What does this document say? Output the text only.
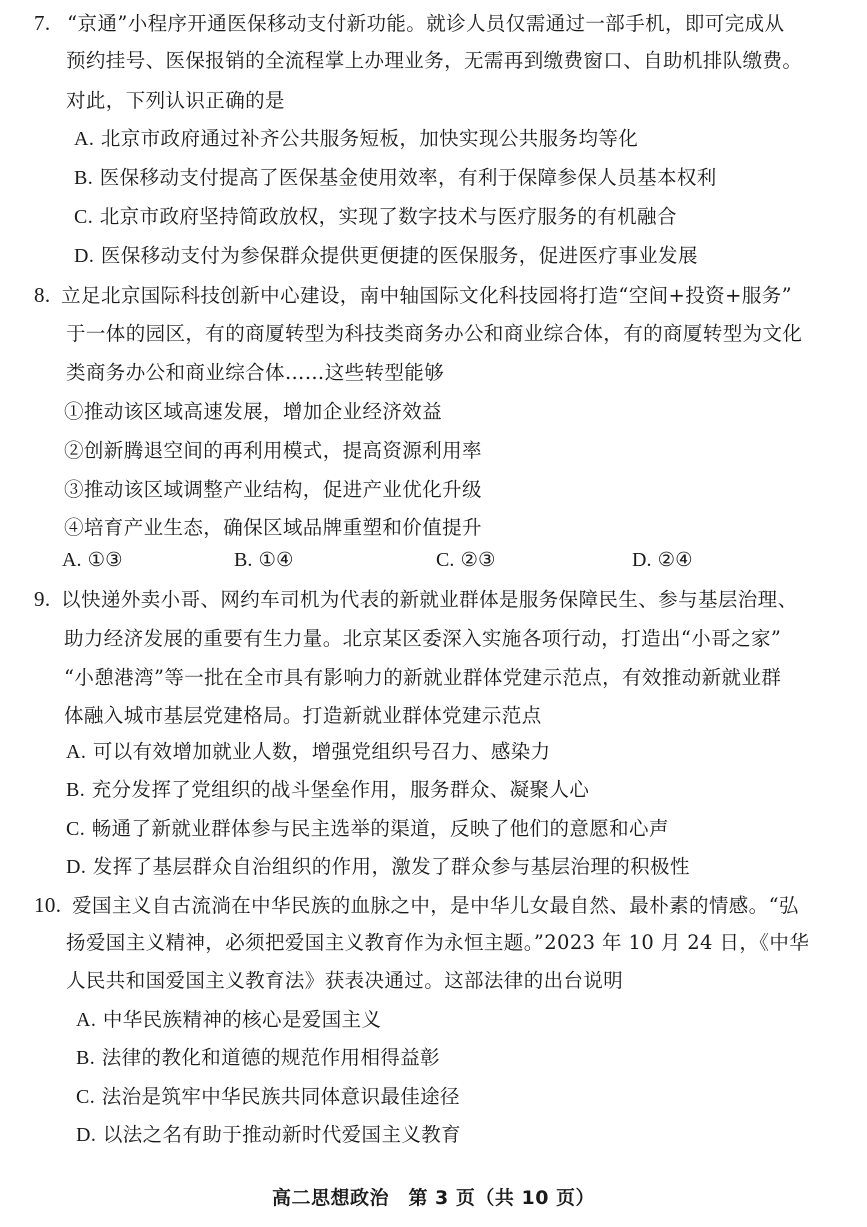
7. “京通”小程序开通医保移动支付新功能。就诊人员仅需通过一部手机，即可完成从
预约挂号、医保报销的全流程掌上办理业务，无需再到缴费窗口、自助机排队缴费。
对此，下列认识正确的是
A. 北京市政府通过补齐公共服务短板，加快实现公共服务均等化
B. 医保移动支付提高了医保基金使用效率，有利于保障参保人员基本权利
C. 北京市政府坚持简政放权，实现了数字技术与医疗服务的有机融合
D. 医保移动支付为参保群众提供更便捷的医保服务，促进医疗事业发展
8. 立足北京国际科技创新中心建设，南中轴国际文化科技园将打造“空间+投资+服务”
于一体的园区，有的商厦转型为科技类商务办公和商业综合体，有的商厦转型为文化
类商务办公和商业综合体……这些转型能够
①推动该区域高速发展，增加企业经济效益
②创新腾退空间的再利用模式，提高资源利用率
③推动该区域调整产业结构，促进产业优化升级
④培育产业生态，确保区域品牌重塑和价值提升
A. ①③	B. ①④	C. ②③	D. ②④
9. 以快递外卖小哥、网约车司机为代表的新就业群体是服务保障民生、参与基层治理、
助力经济发展的重要有生力量。北京某区委深入实施各项行动，打造出“小哥之家”
“小憩港湾”等一批在全市具有影响力的新就业群体党建示范点，有效推动新就业群
体融入城市基层党建格局。打造新就业群体党建示范点
A. 可以有效增加就业人数，增强党组织号召力、感染力
B. 充分发挥了党组织的战斗堡垒作用，服务群众、凝聚人心
C. 畅通了新就业群体参与民主选举的渠道，反映了他们的意愿和心声
D. 发挥了基层群众自治组织的作用，激发了群众参与基层治理的积极性
10. 爱国主义自古流淌在中华民族的血脉之中，是中华儿女最自然、最朴素的情感。“弘
扬爱国主义精神，必须把爱国主义教育作为永恒主题。”2023 年 10 月 24 日，《中华
人民共和国爱国主义教育法》获表决通过。这部法律的出台说明
A. 中华民族精神的核心是爱国主义
B. 法律的教化和道德的规范作用相得益彰
C. 法治是筑牢中华民族共同体意识最佳途径
D. 以法之名有助于推动新时代爱国主义教育
高二思想政治　第 3 页（共 10 页）
